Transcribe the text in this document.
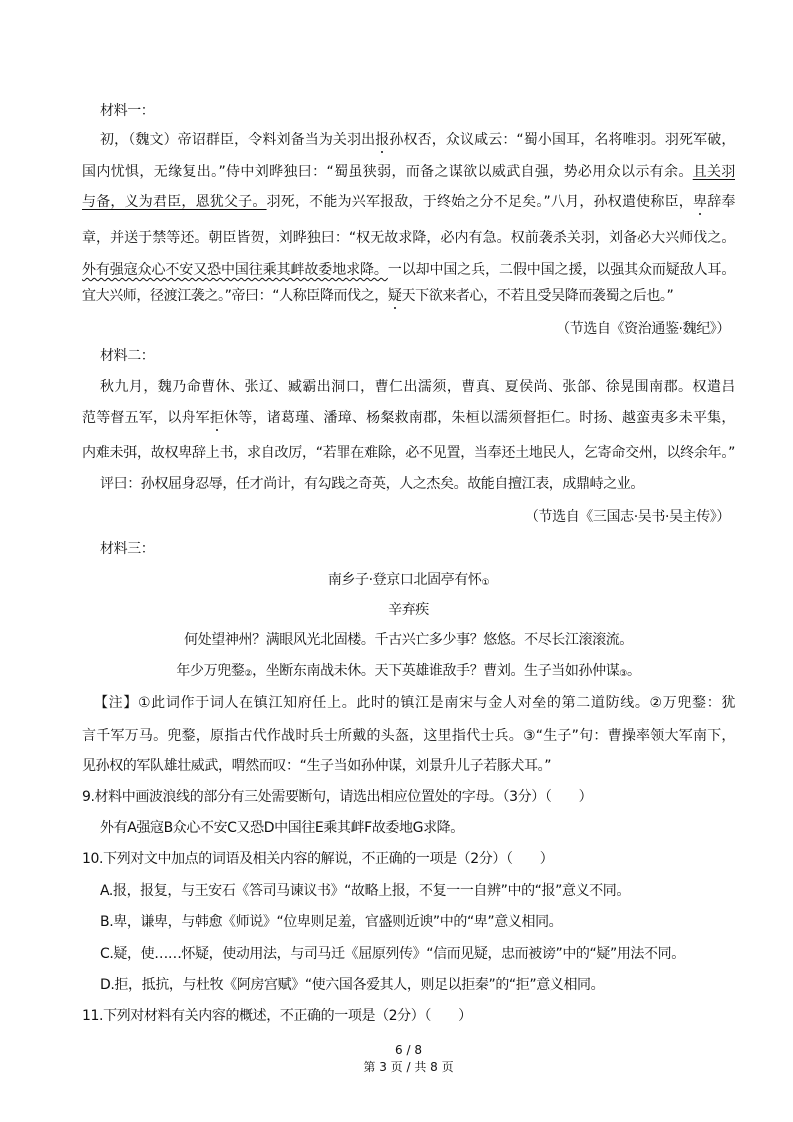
材料一：
初，（魏文）帝诏群臣，令料刘备当为关羽出报孙权否，众议咸云：“蜀小国耳，名将唯羽。羽死军破，
国内忧惧，无缘复出。”侍中刘晔独曰：“蜀虽狭弱，而备之谋欲以威武自强，势必用众以示有余。且关羽
与备，义为君臣，恩犹父子。羽死，不能为兴军报敌，于终始之分不足矣。”八月，孙权遣使称臣，卑辞奉
章，并送于禁等还。朝臣皆贺，刘晔独曰：“权无故求降，必内有急。权前袭杀关羽，刘备必大兴师伐之。
外有强寇众心不安又恐中国往乘其衅故委地求降。一以却中国之兵，二假中国之援，以强其众而疑敌人耳。
宜大兴师，径渡江袭之。”帝曰：“人称臣降而伐之，疑天下欲来者心，不若且受吴降而袭蜀之后也。”
（节选自《资治通鉴·魏纪》）
材料二：
秋九月，魏乃命曹休、张辽、臧霸出洞口，曹仁出濡须，曹真、夏侯尚、张郃、徐晃围南郡。权遣吕
范等督五军，以舟军拒休等，诸葛瑾、潘璋、杨粲救南郡，朱桓以濡须督拒仁。时扬、越蛮夷多未平集，
内难未弭，故权卑辞上书，求自改厉，“若罪在难除，必不见置，当奉还土地民人，乞寄命交州，以终余年。”
评曰：孙权屈身忍辱，任才尚计，有勾践之奇英，人之杰矣。故能自擅江表，成鼎峙之业。
（节选自《三国志·吴书·吴主传》）
材料三：
南乡子·登京口北固亭有怀①
辛弃疾
何处望神州？满眼风光北固楼。千古兴亡多少事？悠悠。不尽长江滚滚流。
年少万兜鍪②，坐断东南战未休。天下英雄谁敌手？曹刘。生子当如孙仲谋③。
【注】①此词作于词人在镇江知府任上。此时的镇江是南宋与金人对垒的第二道防线。②万兜鍪：犹
言千军万马。兜鍪，原指古代作战时兵士所戴的头盔，这里指代士兵。③“生子”句：曹操率领大军南下，
见孙权的军队雄壮威武，喟然而叹：“生子当如孙仲谋，刘景升儿子若豚犬耳。”
9.材料中画波浪线的部分有三处需要断句，请选出相应位置处的字母。（3分）（　　）
外有A强寇B众心不安C又恐D中国往E乘其衅F故委地G求降。
10.下列对文中加点的词语及相关内容的解说，不正确的一项是（2分）（　　）
A.报，报复，与王安石《答司马谏议书》“故略上报，不复一一自辨”中的“报”意义不同。
B.卑，谦卑，与韩愈《师说》“位卑则足羞，官盛则近谀”中的“卑”意义相同。
C.疑，使……怀疑，使动用法，与司马迁《屈原列传》“信而见疑，忠而被谤”中的“疑”用法不同。
D.拒，抵抗，与杜牧《阿房宫赋》“使六国各爱其人，则足以拒秦”的“拒”意义相同。
11.下列对材料有关内容的概述，不正确的一项是（2分）（　　）
6 / 8
第 3 页 / 共 8 页
